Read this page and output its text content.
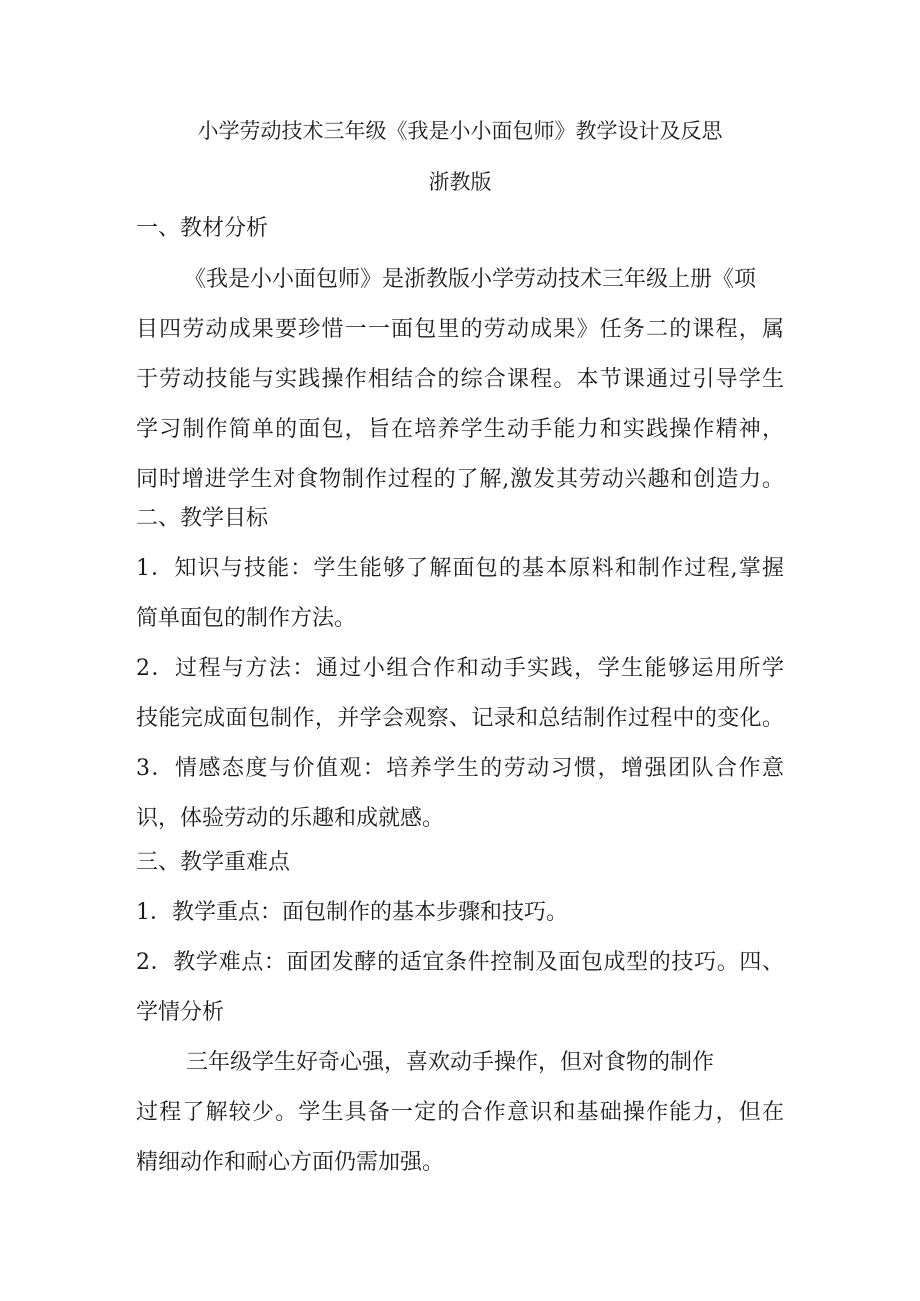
小学劳动技术三年级《我是小小面包师》教学设计及反思
浙教版
一、教材分析
《我是小小面包师》是浙教版小学劳动技术三年级上册《项
目四劳动成果要珍惜一一面包里的劳动成果》任务二的课程，属
于劳动技能与实践操作相结合的综合课程。本节课通过引导学生
学习制作简单的面包，旨在培养学生动手能力和实践操作精神，
同时增进学生对食物制作过程的了解,激发其劳动兴趣和创造力。
二、教学目标
1．知识与技能：学生能够了解面包的基本原料和制作过程,掌握
简单面包的制作方法。
2．过程与方法：通过小组合作和动手实践，学生能够运用所学
技能完成面包制作，并学会观察、记录和总结制作过程中的变化。
3．情感态度与价值观：培养学生的劳动习惯，增强团队合作意
识，体验劳动的乐趣和成就感。
三、教学重难点
1．教学重点：面包制作的基本步骤和技巧。
2．教学难点：面团发酵的适宜条件控制及面包成型的技巧。四、
学情分析
三年级学生好奇心强，喜欢动手操作，但对食物的制作
过程了解较少。学生具备一定的合作意识和基础操作能力，但在
精细动作和耐心方面仍需加强。
